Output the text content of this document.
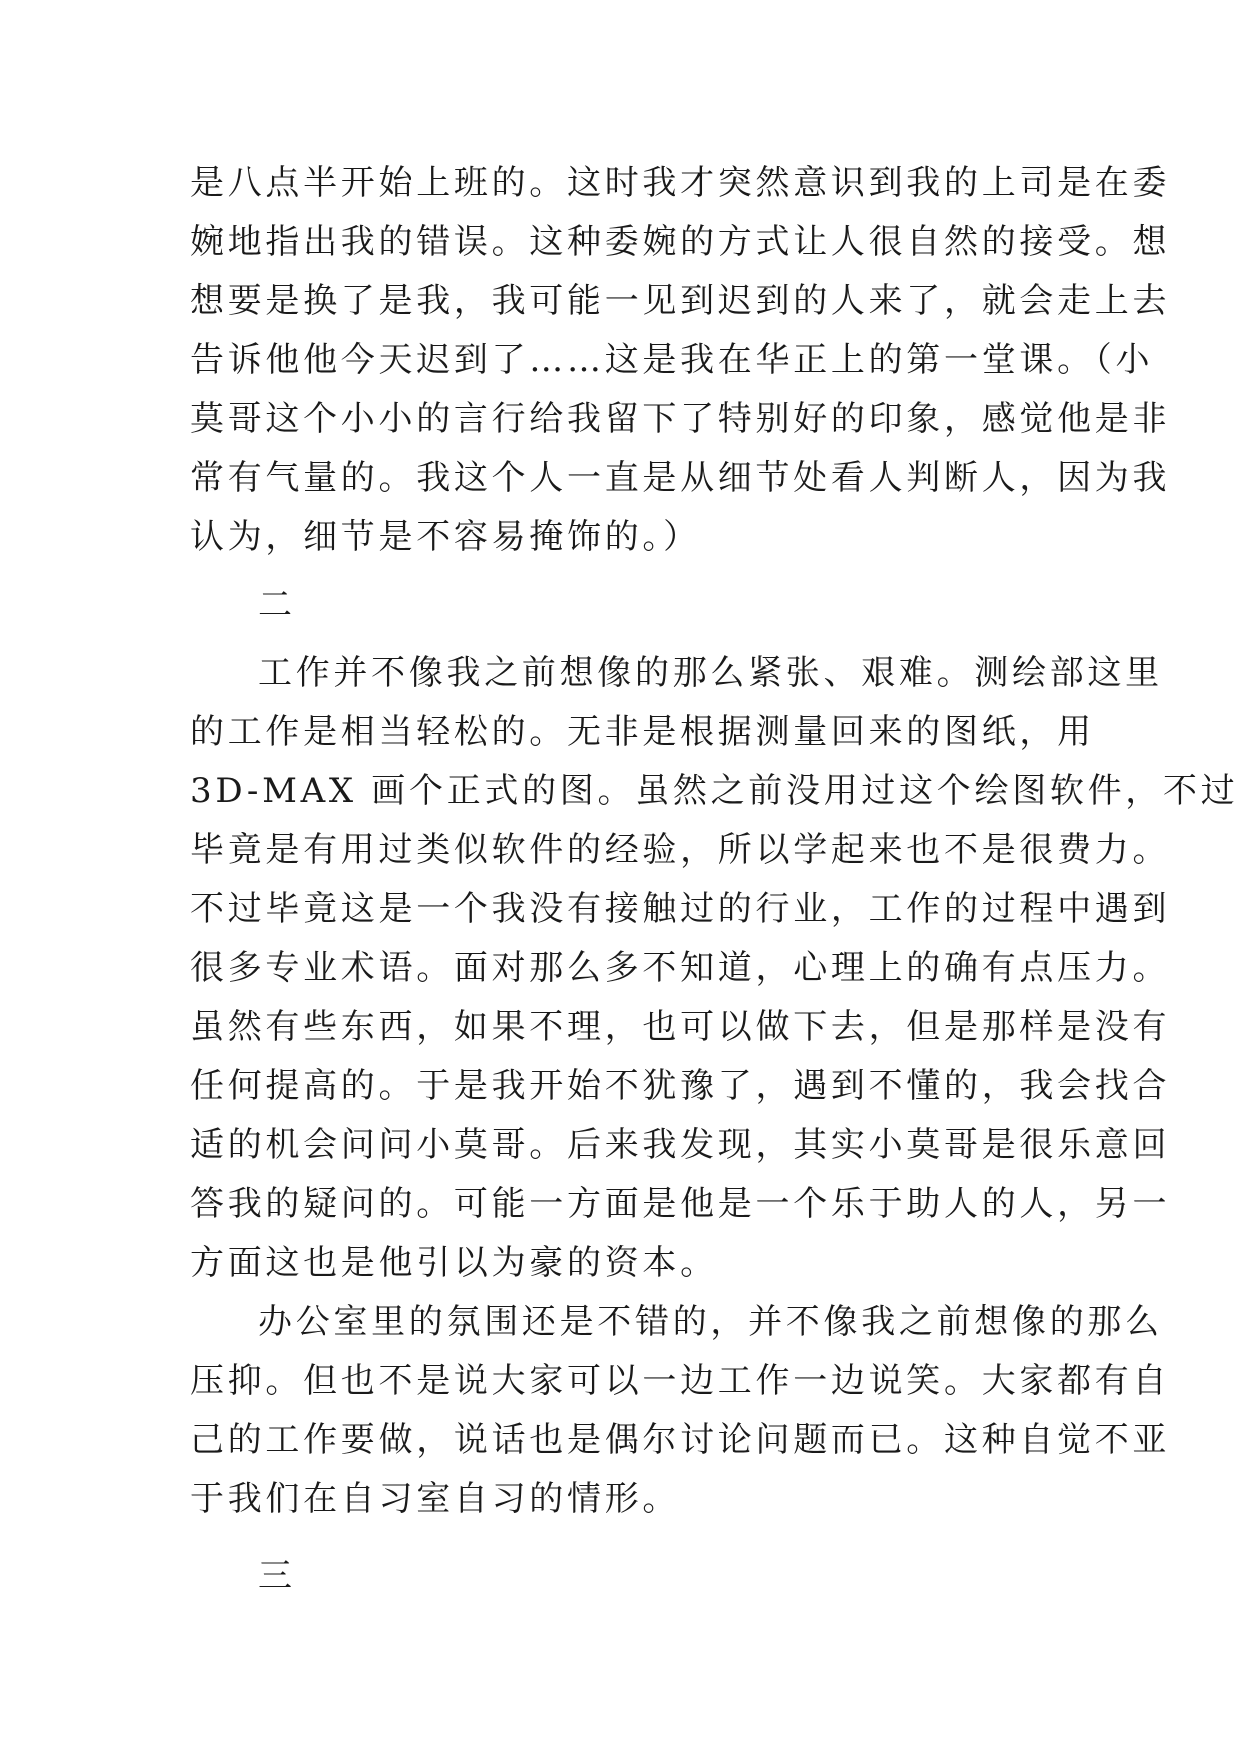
是八点半开始上班的。这时我才突然意识到我的上司是在委
婉地指出我的错误。这种委婉的方式让人很自然的接受。想
想要是换了是我，我可能一见到迟到的人来了，就会走上去
告诉他他今天迟到了……这是我在华正上的第一堂课。（小
莫哥这个小小的言行给我留下了特别好的印象，感觉他是非
常有气量的。我这个人一直是从细节处看人判断人，因为我
认为，细节是不容易掩饰的。）
二
工作并不像我之前想像的那么紧张、艰难。测绘部这里
的工作是相当轻松的。无非是根据测量回来的图纸，用
3D-MAX 画个正式的图。虽然之前没用过这个绘图软件，不过
毕竟是有用过类似软件的经验，所以学起来也不是很费力。
不过毕竟这是一个我没有接触过的行业，工作的过程中遇到
很多专业术语。面对那么多不知道，心理上的确有点压力。
虽然有些东西，如果不理，也可以做下去，但是那样是没有
任何提高的。于是我开始不犹豫了，遇到不懂的，我会找合
适的机会问问小莫哥。后来我发现，其实小莫哥是很乐意回
答我的疑问的。可能一方面是他是一个乐于助人的人，另一
方面这也是他引以为豪的资本。
办公室里的氛围还是不错的，并不像我之前想像的那么
压抑。但也不是说大家可以一边工作一边说笑。大家都有自
己的工作要做，说话也是偶尔讨论问题而已。这种自觉不亚
于我们在自习室自习的情形。
三
